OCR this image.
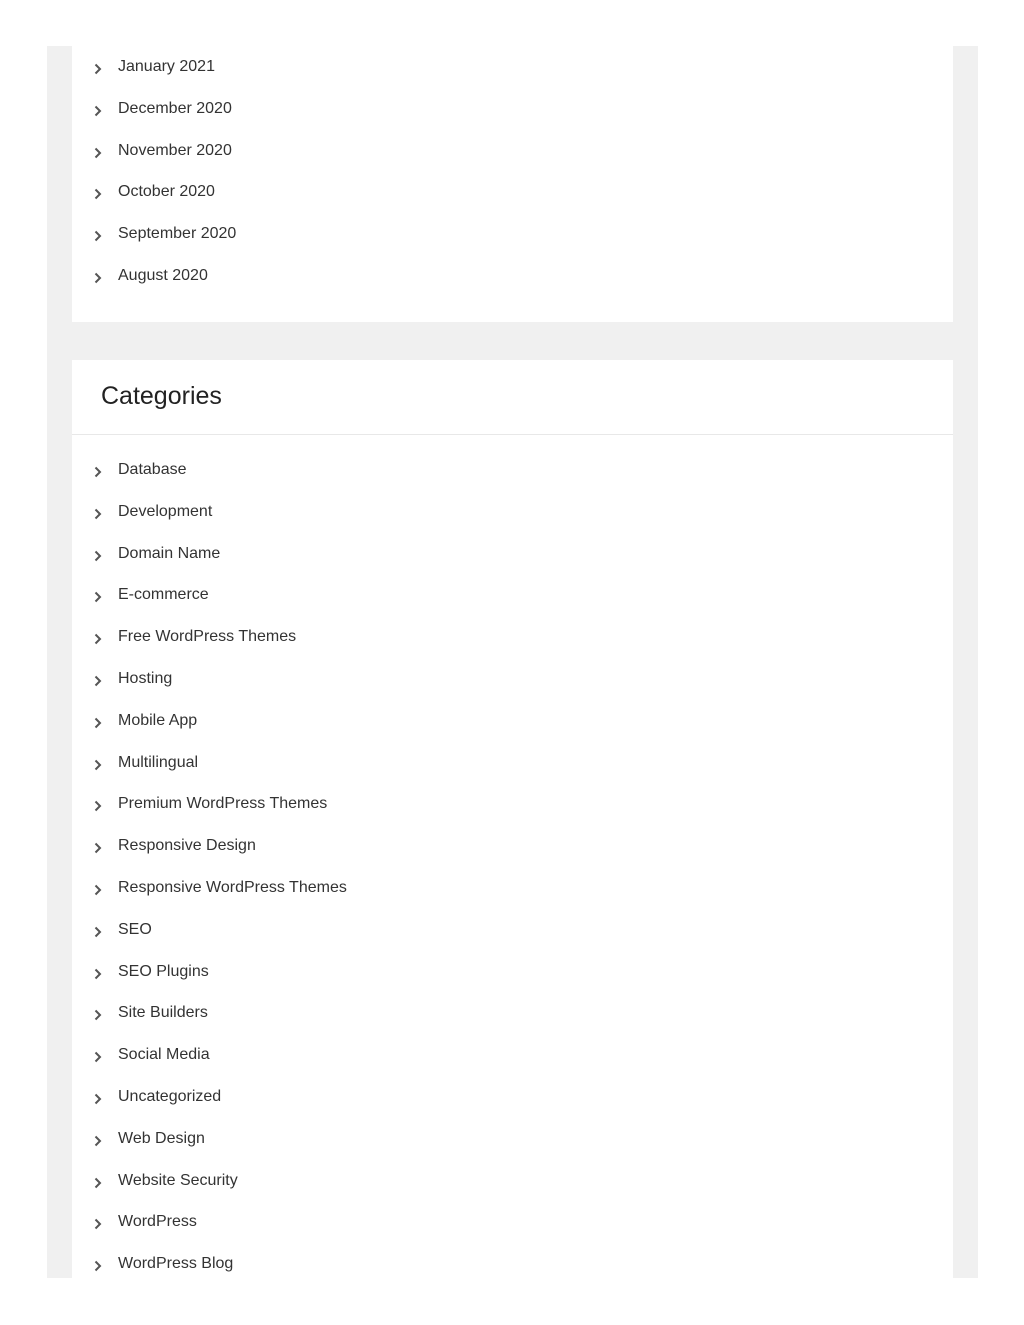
January 2021
December 2020
November 2020
October 2020
September 2020
August 2020
Categories
Database
Development
Domain Name
E-commerce
Free WordPress Themes
Hosting
Mobile App
Multilingual
Premium WordPress Themes
Responsive Design
Responsive WordPress Themes
SEO
SEO Plugins
Site Builders
Social Media
Uncategorized
Web Design
Website Security
WordPress
WordPress Blog
